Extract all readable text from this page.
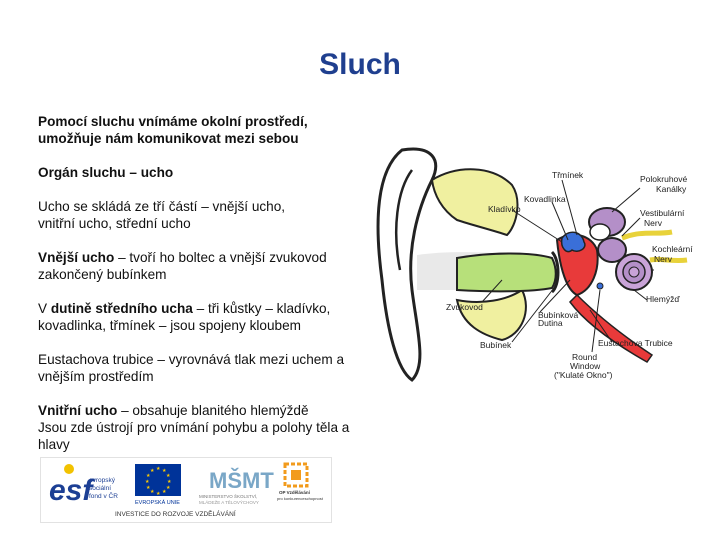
Sluch

Pomocí sluchu vnímáme okolní prostředí, umožňuje nám komunikovat mezi sebou

Orgán sluchu – ucho

Ucho se skládá ze tří částí – vnější ucho,
vnitřní ucho, střední ucho

Vnější ucho – tvoří ho boltec a vnější zvukovod zakončený bubínkem

V dutině středního ucha – tři kůstky – kladívko, kovadlinka, třmínek – jsou spojeny kloubem

Eustachova trubice – vyrovnává tlak mezi uchem a vnějším prostředím

Vnitřní ucho – obsahuje blanitého hlemýždě
Jsou zde ústrojí pro vnímání pohybu a polohy těla a hlavy

Třmínek
Kovadlinka
Kladívko
Polokruhové
Kanálky
Vestibulární
Nerv
Kochleární
Nerv
Hlemýžď
Zvukovod
Bubínková
Dutina
Eustachova Trubice
Bubínek
Round
Window
("Kulaté Okno")
esf
evropský
sociální
fond v ČR
★ ★
★
★
★
★
★
★
★
★
★
★
EVROPSKÁ UNIE
MŠMT
MINISTERSTVO ŠKOLSTVÍ,
MLÁDEŽE A TĚLOVÝCHOVY
OP Vzdělávání
pro konkurenceschopnost
INVESTICE DO ROZVOJE VZDĚLÁVÁNÍ
